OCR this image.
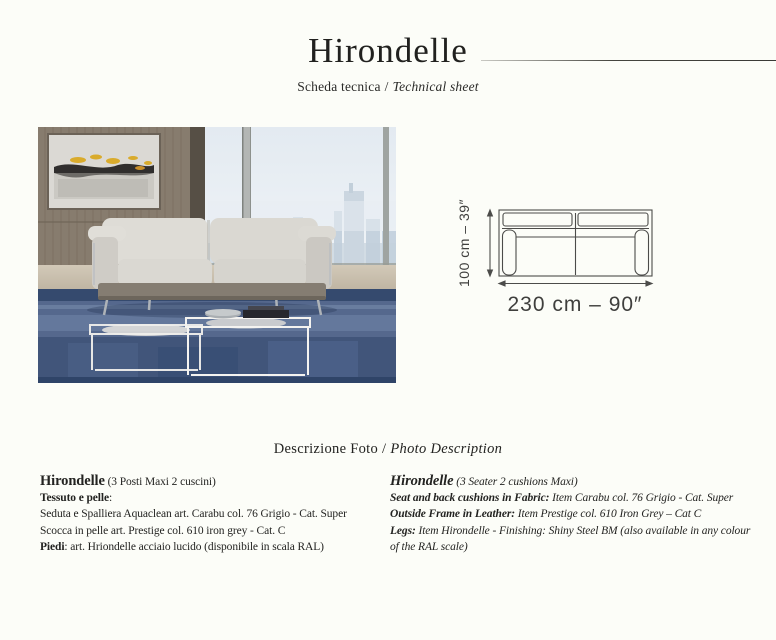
Hirondelle
Scheda tecnica / Technical sheet
100 cm – 39″
230 cm – 90″
Descrizione Foto / Photo Description
Hirondelle (3 Posti Maxi 2 cuscini)
Tessuto e pelle:
Seduta e Spalliera Aquaclean art. Carabu col. 76 Grigio - Cat. Super
Scocca in pelle art. Prestige col. 610 iron grey - Cat. C
Piedi: art. Hriondelle acciaio lucido (disponibile in scala RAL)
Hirondelle (3 Seater 2 cushions Maxi)
Seat and back cushions in Fabric: Item Carabu col. 76 Grigio - Cat. Super
Outside Frame in Leather: Item Prestige col. 610 Iron Grey – Cat C
Legs: Item Hirondelle - Finishing: Shiny Steel BM (also available in any colour
of the RAL scale)
